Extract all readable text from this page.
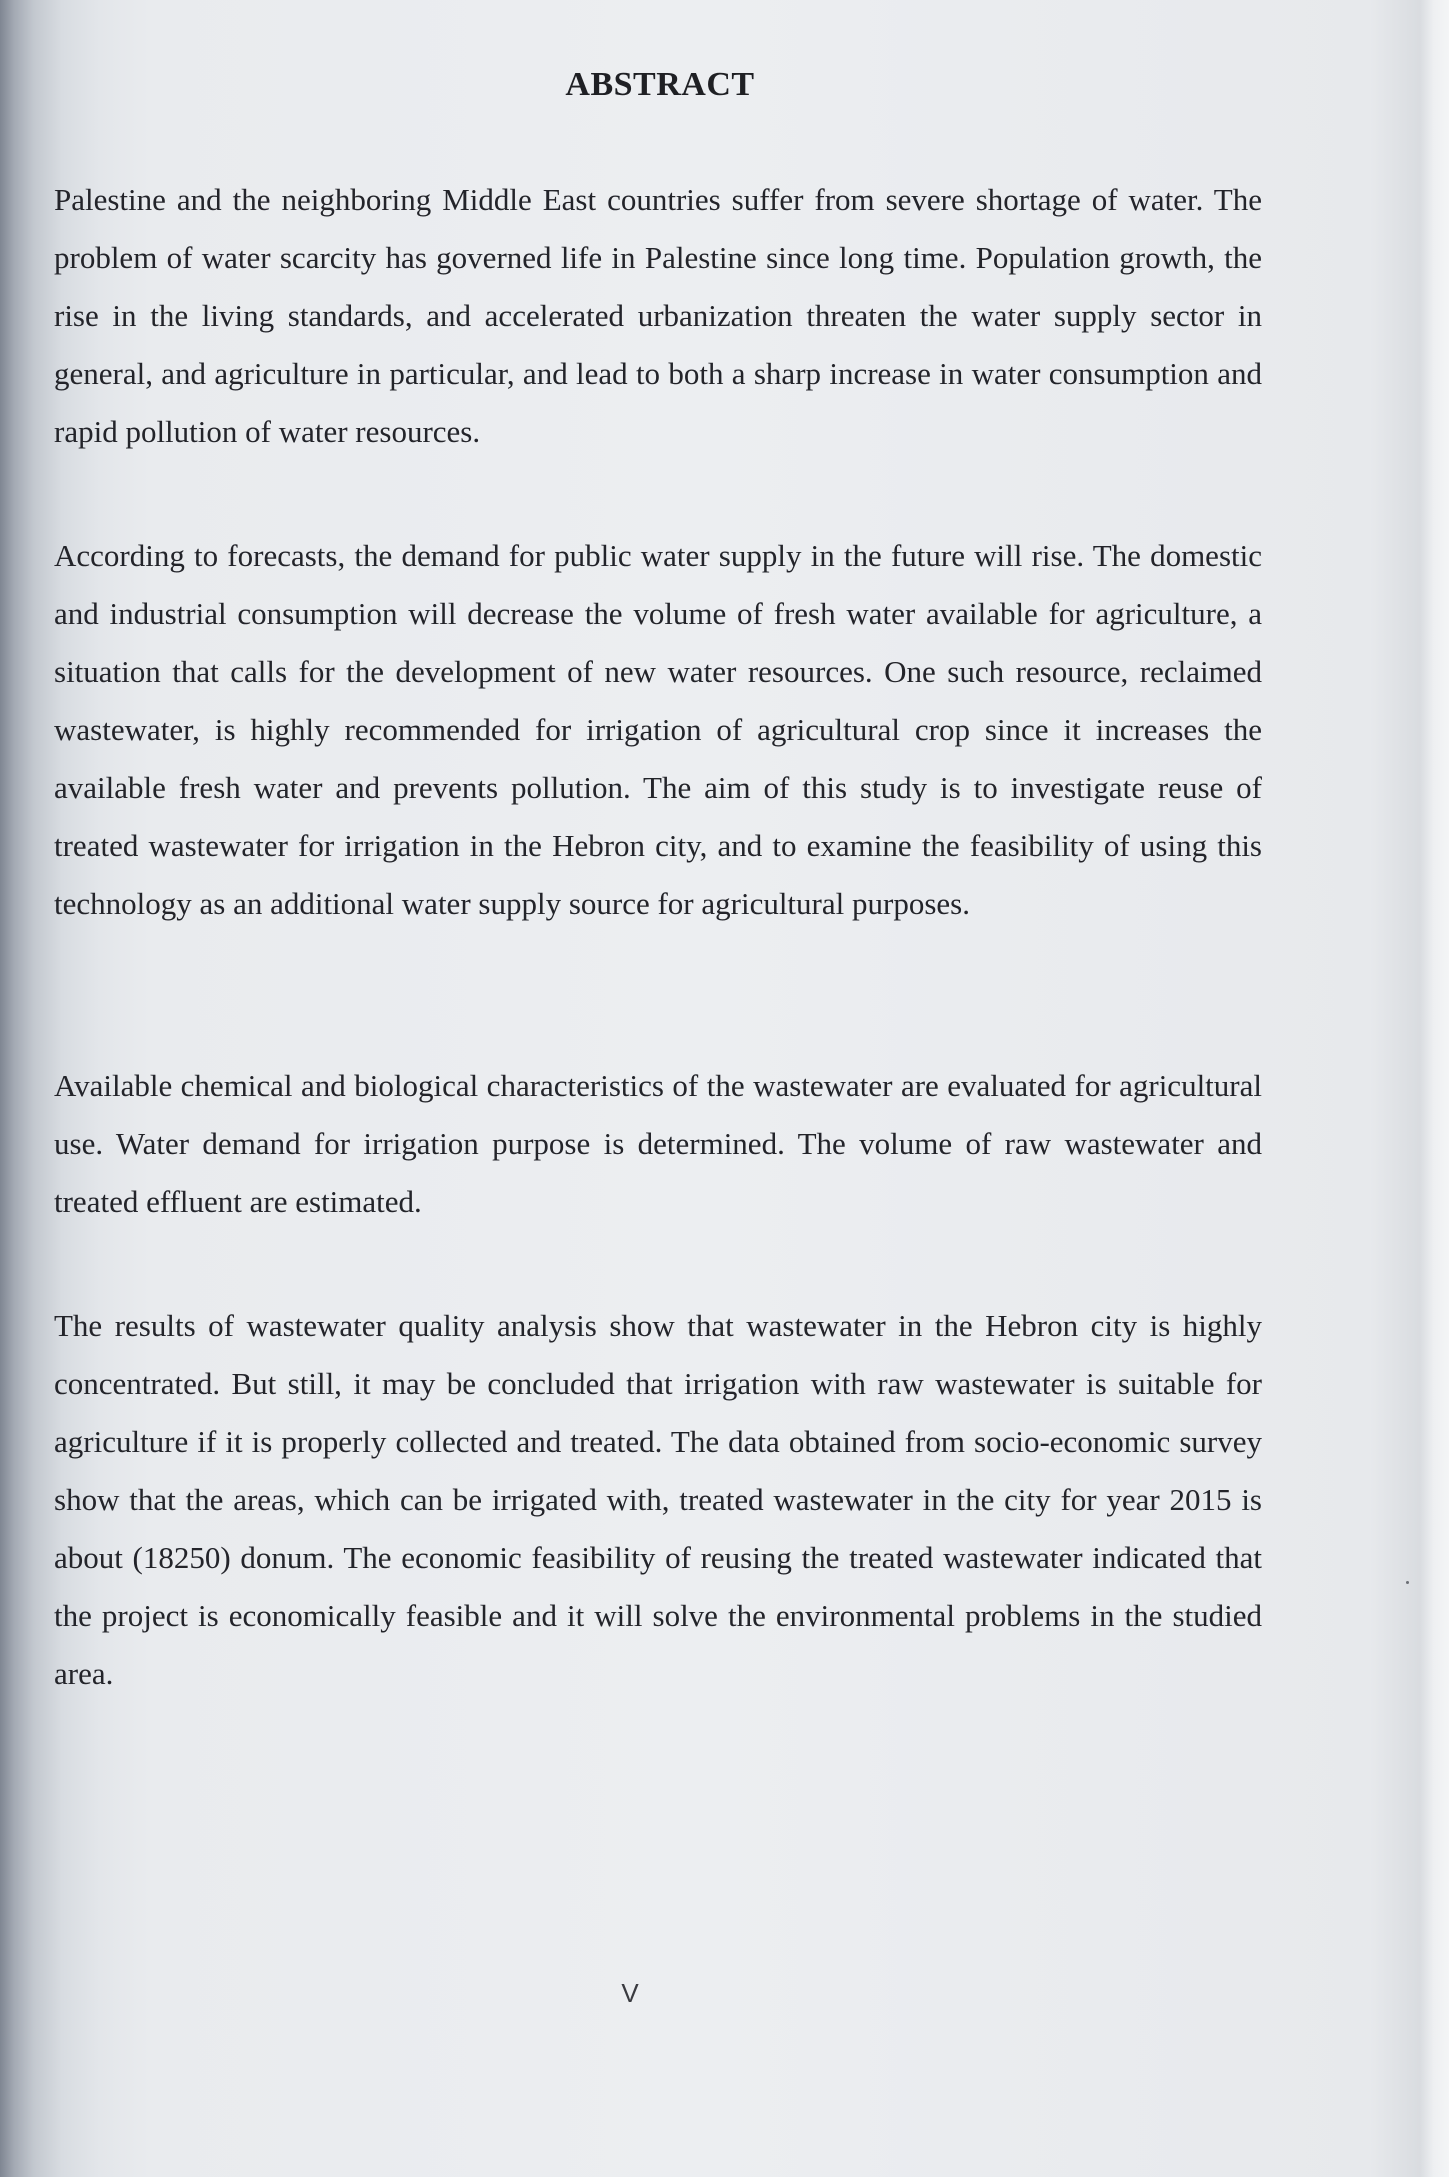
ABSTRACT

Palestine and the neighboring Middle East countries suffer from severe shortage of water. The problem of water scarcity has governed life in Palestine since long time. Population growth, the rise in the living standards, and accelerated urbanization threaten the water supply sector in general, and agriculture in particular, and lead to both a sharp increase in water consumption and rapid pollution of water resources.

According to forecasts, the demand for public water supply in the future will rise. The domestic and industrial consumption will decrease the volume of fresh water available for agriculture, a situation that calls for the development of new water resources. One such resource, reclaimed wastewater, is highly recommended for irrigation of agricultural crop since it increases the available fresh water and prevents pollution. The aim of this study is to investigate reuse of treated wastewater for irrigation in the Hebron city, and to examine the feasibility of using this technology as an additional water supply source for agricultural purposes.

Available chemical and biological characteristics of the wastewater are evaluated for agricultural use. Water demand for irrigation purpose is determined. The volume of raw wastewater and treated effluent are estimated.

The results of wastewater quality analysis show that wastewater in the Hebron city is highly concentrated. But still, it may be concluded that irrigation with raw wastewater is suitable for agriculture if it is properly collected and treated. The data obtained from socio-economic survey show that the areas, which can be irrigated with, treated wastewater in the city for year 2015 is about (18250) donum. The economic feasibility of reusing the treated wastewater indicated that the project is economically feasible and it will solve the environmental problems in the studied area.

V
